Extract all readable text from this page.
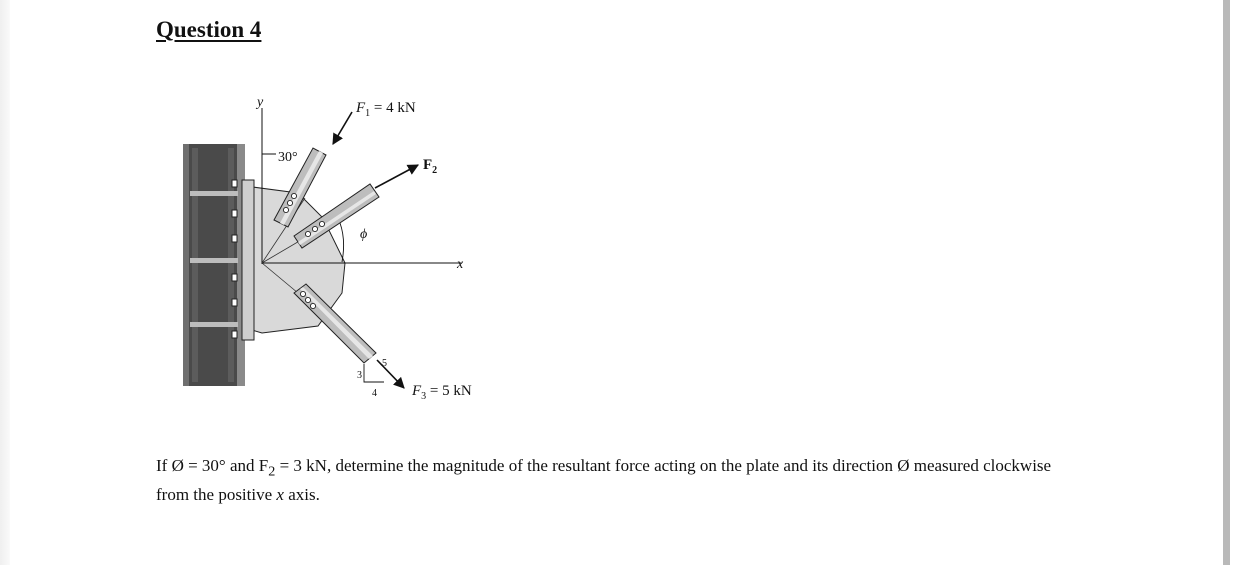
Question 4
y
x
30°
ϕ
$F_1 = 4$ kN
$F_2$
$F_3 = 5$ kN
3
4
5

If Ø = 30° and $F_2 = 3$ kN, determine the magnitude of the resultant force acting on the plate and its direction Ø measured clockwise from the positive x axis.
